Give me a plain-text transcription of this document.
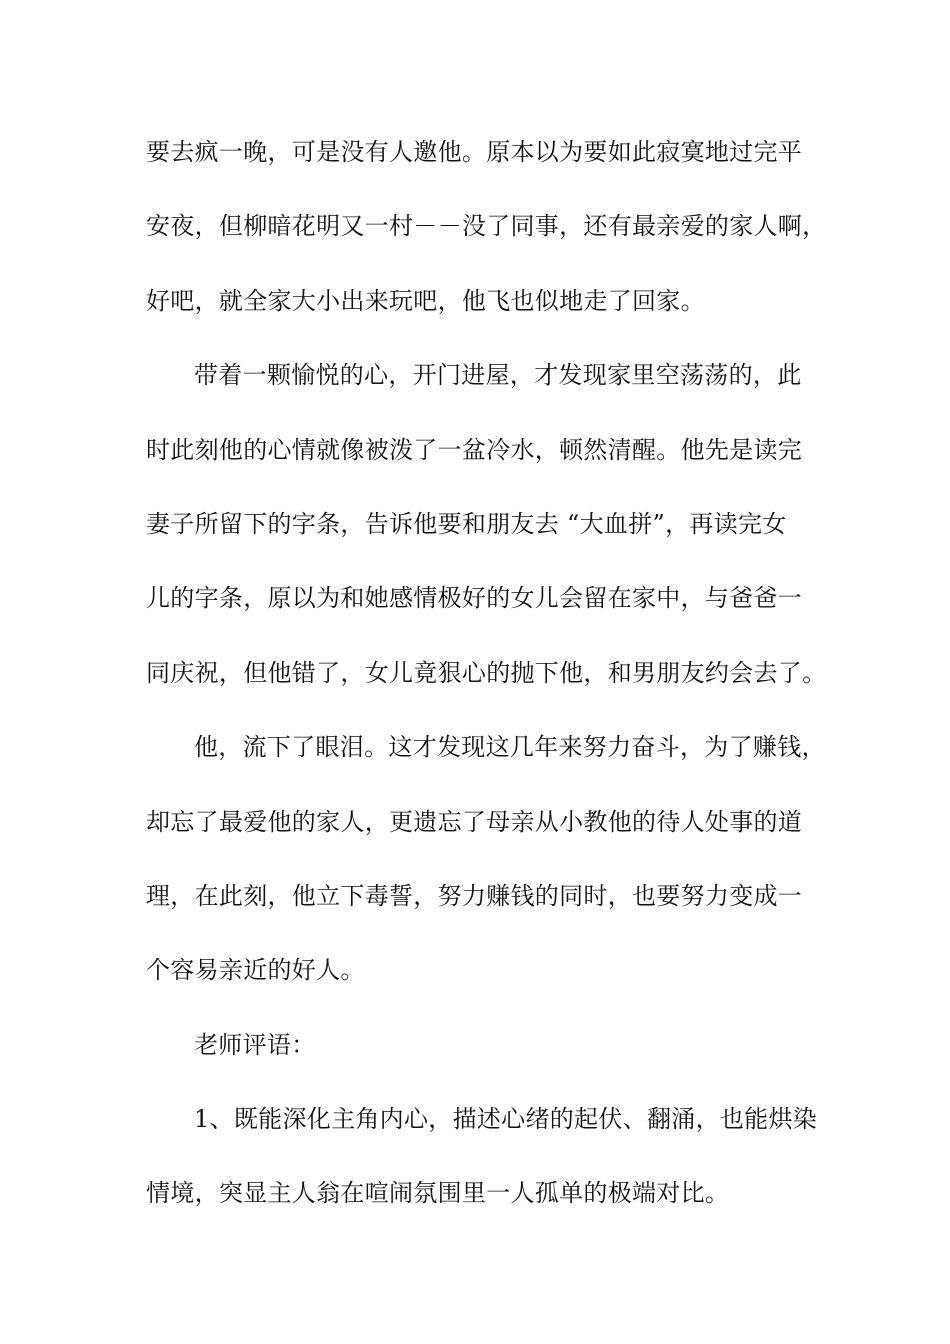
要去疯一晚，可是没有人邀他。原本以为要如此寂寞地过完平
安夜，但柳暗花明又一村－－没了同事，还有最亲爱的家人啊，
好吧，就全家大小出来玩吧，他飞也似地走了回家。
带着一颗愉悦的心，开门进屋，才发现家里空荡荡的，此
时此刻他的心情就像被泼了一盆冷水，顿然清醒。他先是读完
妻子所留下的字条，告诉他要和朋友去 “大血拼”，再读完女
儿的字条，原以为和她感情极好的女儿会留在家中，与爸爸一
同庆祝，但他错了，女儿竟狠心的抛下他，和男朋友约会去了。
他，流下了眼泪。这才发现这几年来努力奋斗，为了赚钱，
却忘了最爱他的家人，更遗忘了母亲从小教他的待人处事的道
理，在此刻，他立下毒誓，努力赚钱的同时，也要努力变成一
个容易亲近的好人。
老师评语：
1、既能深化主角内心，描述心绪的起伏、翻涌，也能烘染
情境，突显主人翁在喧闹氛围里一人孤单的极端对比。
